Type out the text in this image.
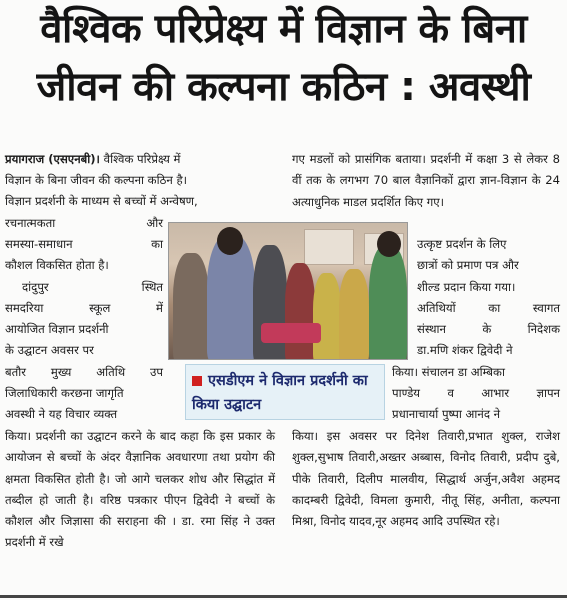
वैश्विक परिप्रेक्ष्य में विज्ञान के बिना
जीवन की कल्पना कठिन : अवस्थी

प्रयागराज (एसएनबी)। वैश्विक परिप्रेक्ष्य में

विज्ञान के बिना जीवन की कल्पना कठिन है।
विज्ञान प्रदर्शनी के माध्यम से बच्चों में अन्वेषण,
रचनात्मकता और
समस्या-समाधान का
कौशल विकसित होता है।
दांदुपुर स्थित
समदरिया स्कूल में
आयोजित विज्ञान प्रदर्शनी
के उद्घाटन अवसर पर
बतौर मुख्य अतिथि उप
जिलाधिकारी करछना जागृति
अवस्थी ने यह विचार व्यक्त
किया। प्रदर्शनी का उद्घाटन करने के बाद कहा कि इस प्रकार के आयोजन से बच्चों के अंदर वैज्ञानिक अवधारणा तथा प्रयोग की क्षमता विकसित होती है। जो आगे चलकर शोध और सिद्धांत में तब्दील हो जाती है। वरिष्ठ पत्रकार पीएन द्विवेदी ने बच्चों के कौशल और जिज्ञासा की सराहना की । डा. रमा सिंह ने उक्त प्रदर्शनी में रखे
गए मडलों को प्रासंगिक बताया। प्रदर्शनी में कक्षा 3 से लेकर 8 वीं तक के लगभग 70 बाल वैज्ञानिकों द्वारा ज्ञान-विज्ञान के 24 अत्याधुनिक माडल प्रदर्शित किए गए।
उत्कृष्ट प्रदर्शन के लिए
छात्रों को प्रमाण पत्र और
शील्ड प्रदान किया गया।
अतिथियों का स्वागत
संस्थान के निदेशक
डा.मणि शंकर द्विवेदी ने
किया। संचालन डा अम्बिका
पाण्डेय व आभार ज्ञापन
प्रधानाचार्या पुष्पा आनंद ने
किया। इस अवसर पर दिनेश तिवारी,प्रभात शुक्ल, राजेश शुक्ल,सुभाष तिवारी,अख्तर अब्बास, विनोद तिवारी, प्रदीप दुबे, पीके तिवारी, दिलीप मालवीय, सिद्धार्थ अर्जुन,अवैश अहमद कादम्बरी द्विवेदी, विमला कुमारी, नीतू सिंह, अनीता, कल्पना मिश्रा, विनोद यादव,नूर अहमद आदि उपस्थित रहे।
एसडीएम ने विज्ञान प्रदर्शनी का किया उद्घाटन
